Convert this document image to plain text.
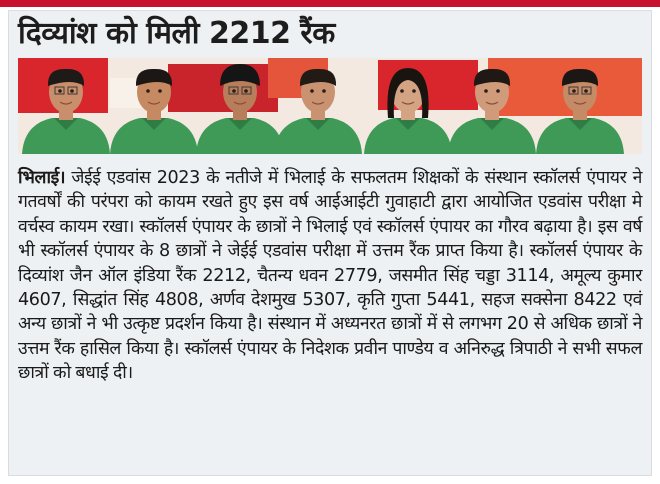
दिव्यांश को मिली 2212 रैंक
भिलाई। जेईई एडवांस 2023 के नतीजे में भिलाई के सफलतम शिक्षकों के संस्थान स्कॉलर्स एंपायर ने गतवर्षों की परंपरा को कायम रखते हुए इस वर्ष आईआईटी गुवाहाटी द्वारा आयोजित एडवांस परीक्षा मे वर्चस्व कायम रखा। स्कॉलर्स एंपायर के छात्रों ने भिलाई एवं स्कॉलर्स एंपायर का गौरव बढ़ाया है। इस वर्ष भी स्कॉलर्स एंपायर के 8 छात्रों ने जेईई एडवांस परीक्षा में उत्तम रैंक प्राप्त किया है। स्कॉलर्स एंपायर के दिव्यांश जैन ऑल इंडिया रैंक 2212, चैतन्य धवन 2779, जसमीत सिंह चड्डा 3114, अमूल्य कुमार 4607, सिद्धांत सिंह 4808, अर्णव देशमुख 5307, कृति गुप्ता 5441, सहज सक्सेना 8422 एवं अन्य छात्रों ने भी उत्कृष्ट प्रदर्शन किया है। संस्थान में अध्यनरत छात्रों में से लगभग 20 से अधिक छात्रों ने उत्तम रैंक हासिल किया है। स्कॉलर्स एंपायर के निदेशक प्रवीन पाण्डेय व अनिरुद्ध त्रिपाठी ने सभी सफल छात्रों को बधाई दी।
